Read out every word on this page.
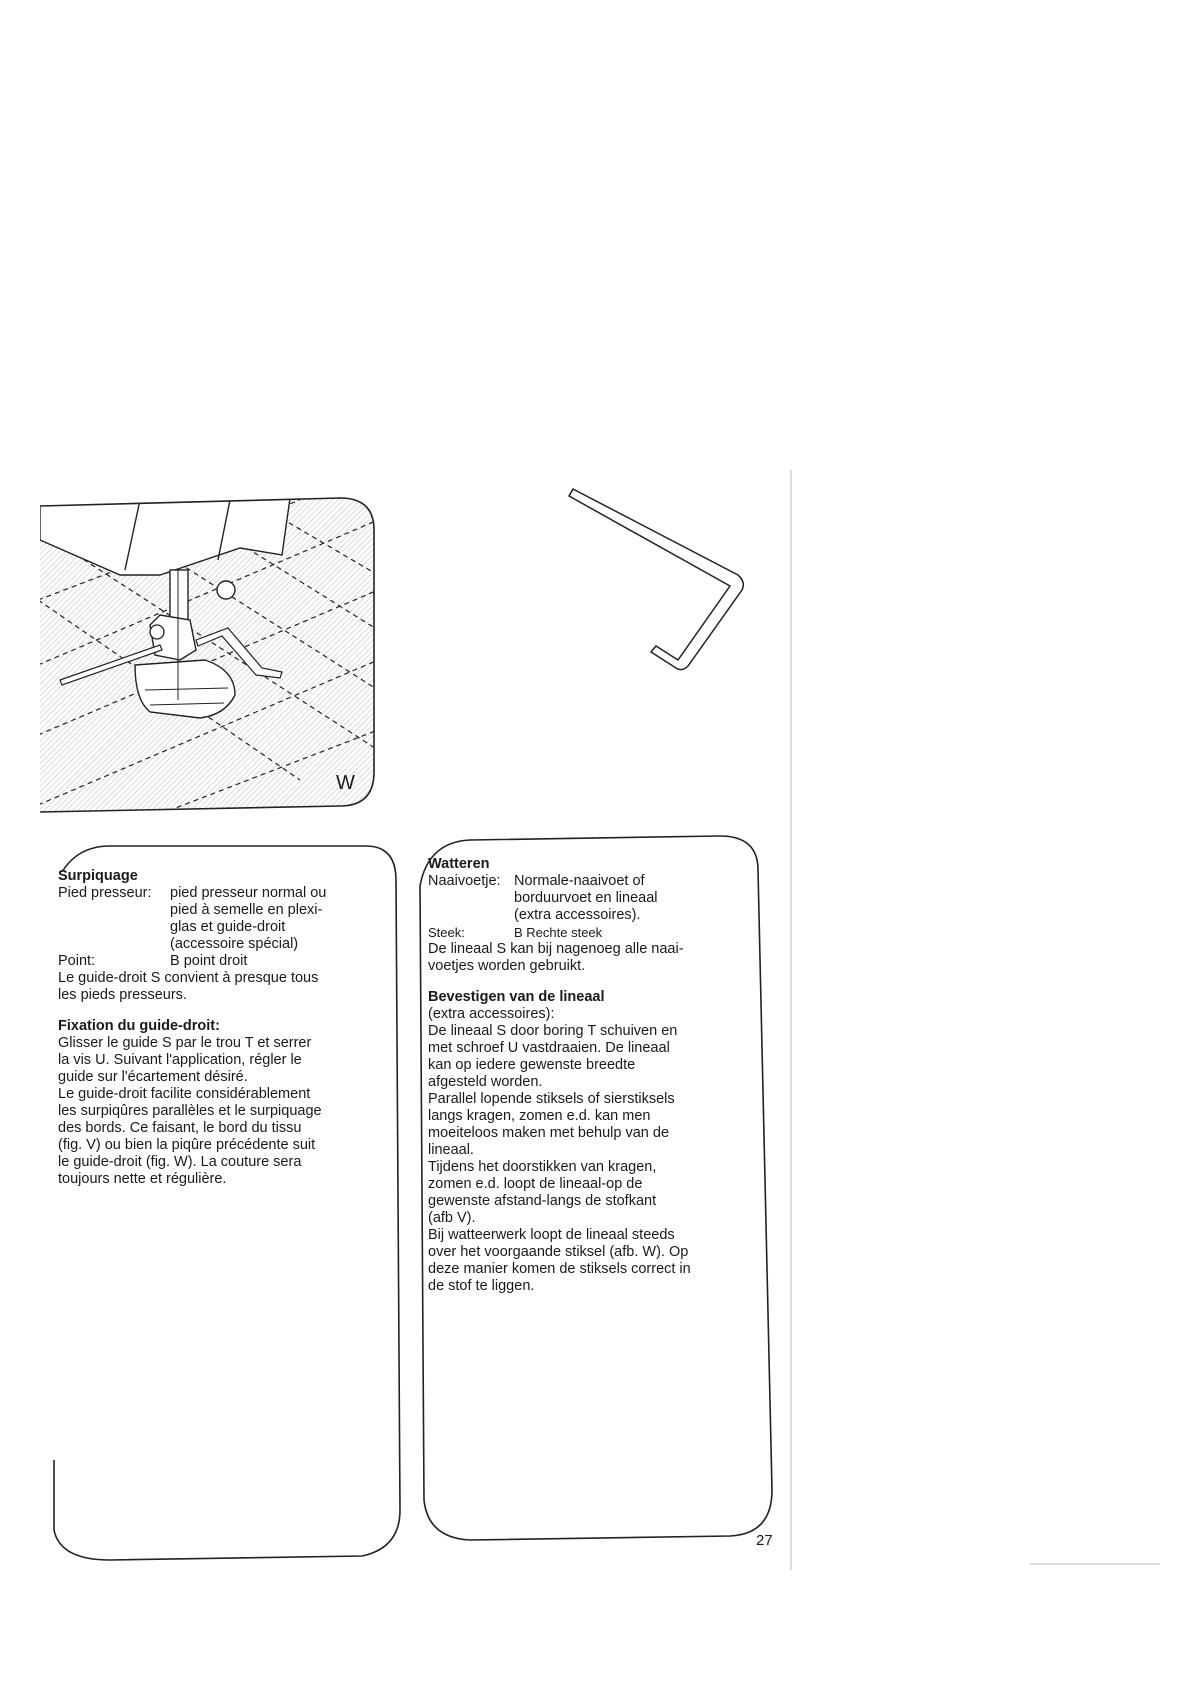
W
Surpiquage
Pied presseur:	pied presseur normal ou
pied à semelle en plexi-
glas et guide-droit
(accessoire spécial)
Point:	B point droit
Le guide-droit S convient à presque tous
les pieds presseurs.
Fixation du guide-droit:
Glisser le guide S par le trou T et serrer
la vis U. Suivant l'application, régler le
guide sur l'écartement désiré.
Le guide-droit facilite considérablement
les surpiqûres parallèles et le surpiquage
des bords. Ce faisant, le bord du tissu
(fig. V) ou bien la piqûre précédente suit
le guide-droit (fig. W). La couture sera
toujours nette et régulière.
Watteren
Naaivoetje: Normale-naaivoet of
borduurvoet en lineaal
(extra accessoires).
Steek:	B Rechte steek
De lineaal S kan bij nagenoeg alle naai-
voetjes worden gebruikt.
Bevestigen van de lineaal
(extra accessoires):
De lineaal S door boring T schuiven en
met schroef U vastdraaien. De lineaal
kan op iedere gewenste breedte
afgesteld worden.
Parallel lopende stiksels of sierstiksels
langs kragen, zomen e.d. kan men
moeiteloos maken met behulp van de
lineaal.
Tijdens het doorstikken van kragen,
zomen e.d. loopt de lineaal-op de
gewenste afstand-langs de stofkant
(afb V).
Bij watteerwerk loopt de lineaal steeds
over het voorgaande stiksel (afb. W). Op
deze manier komen de stiksels correct in
de stof te liggen.
27
